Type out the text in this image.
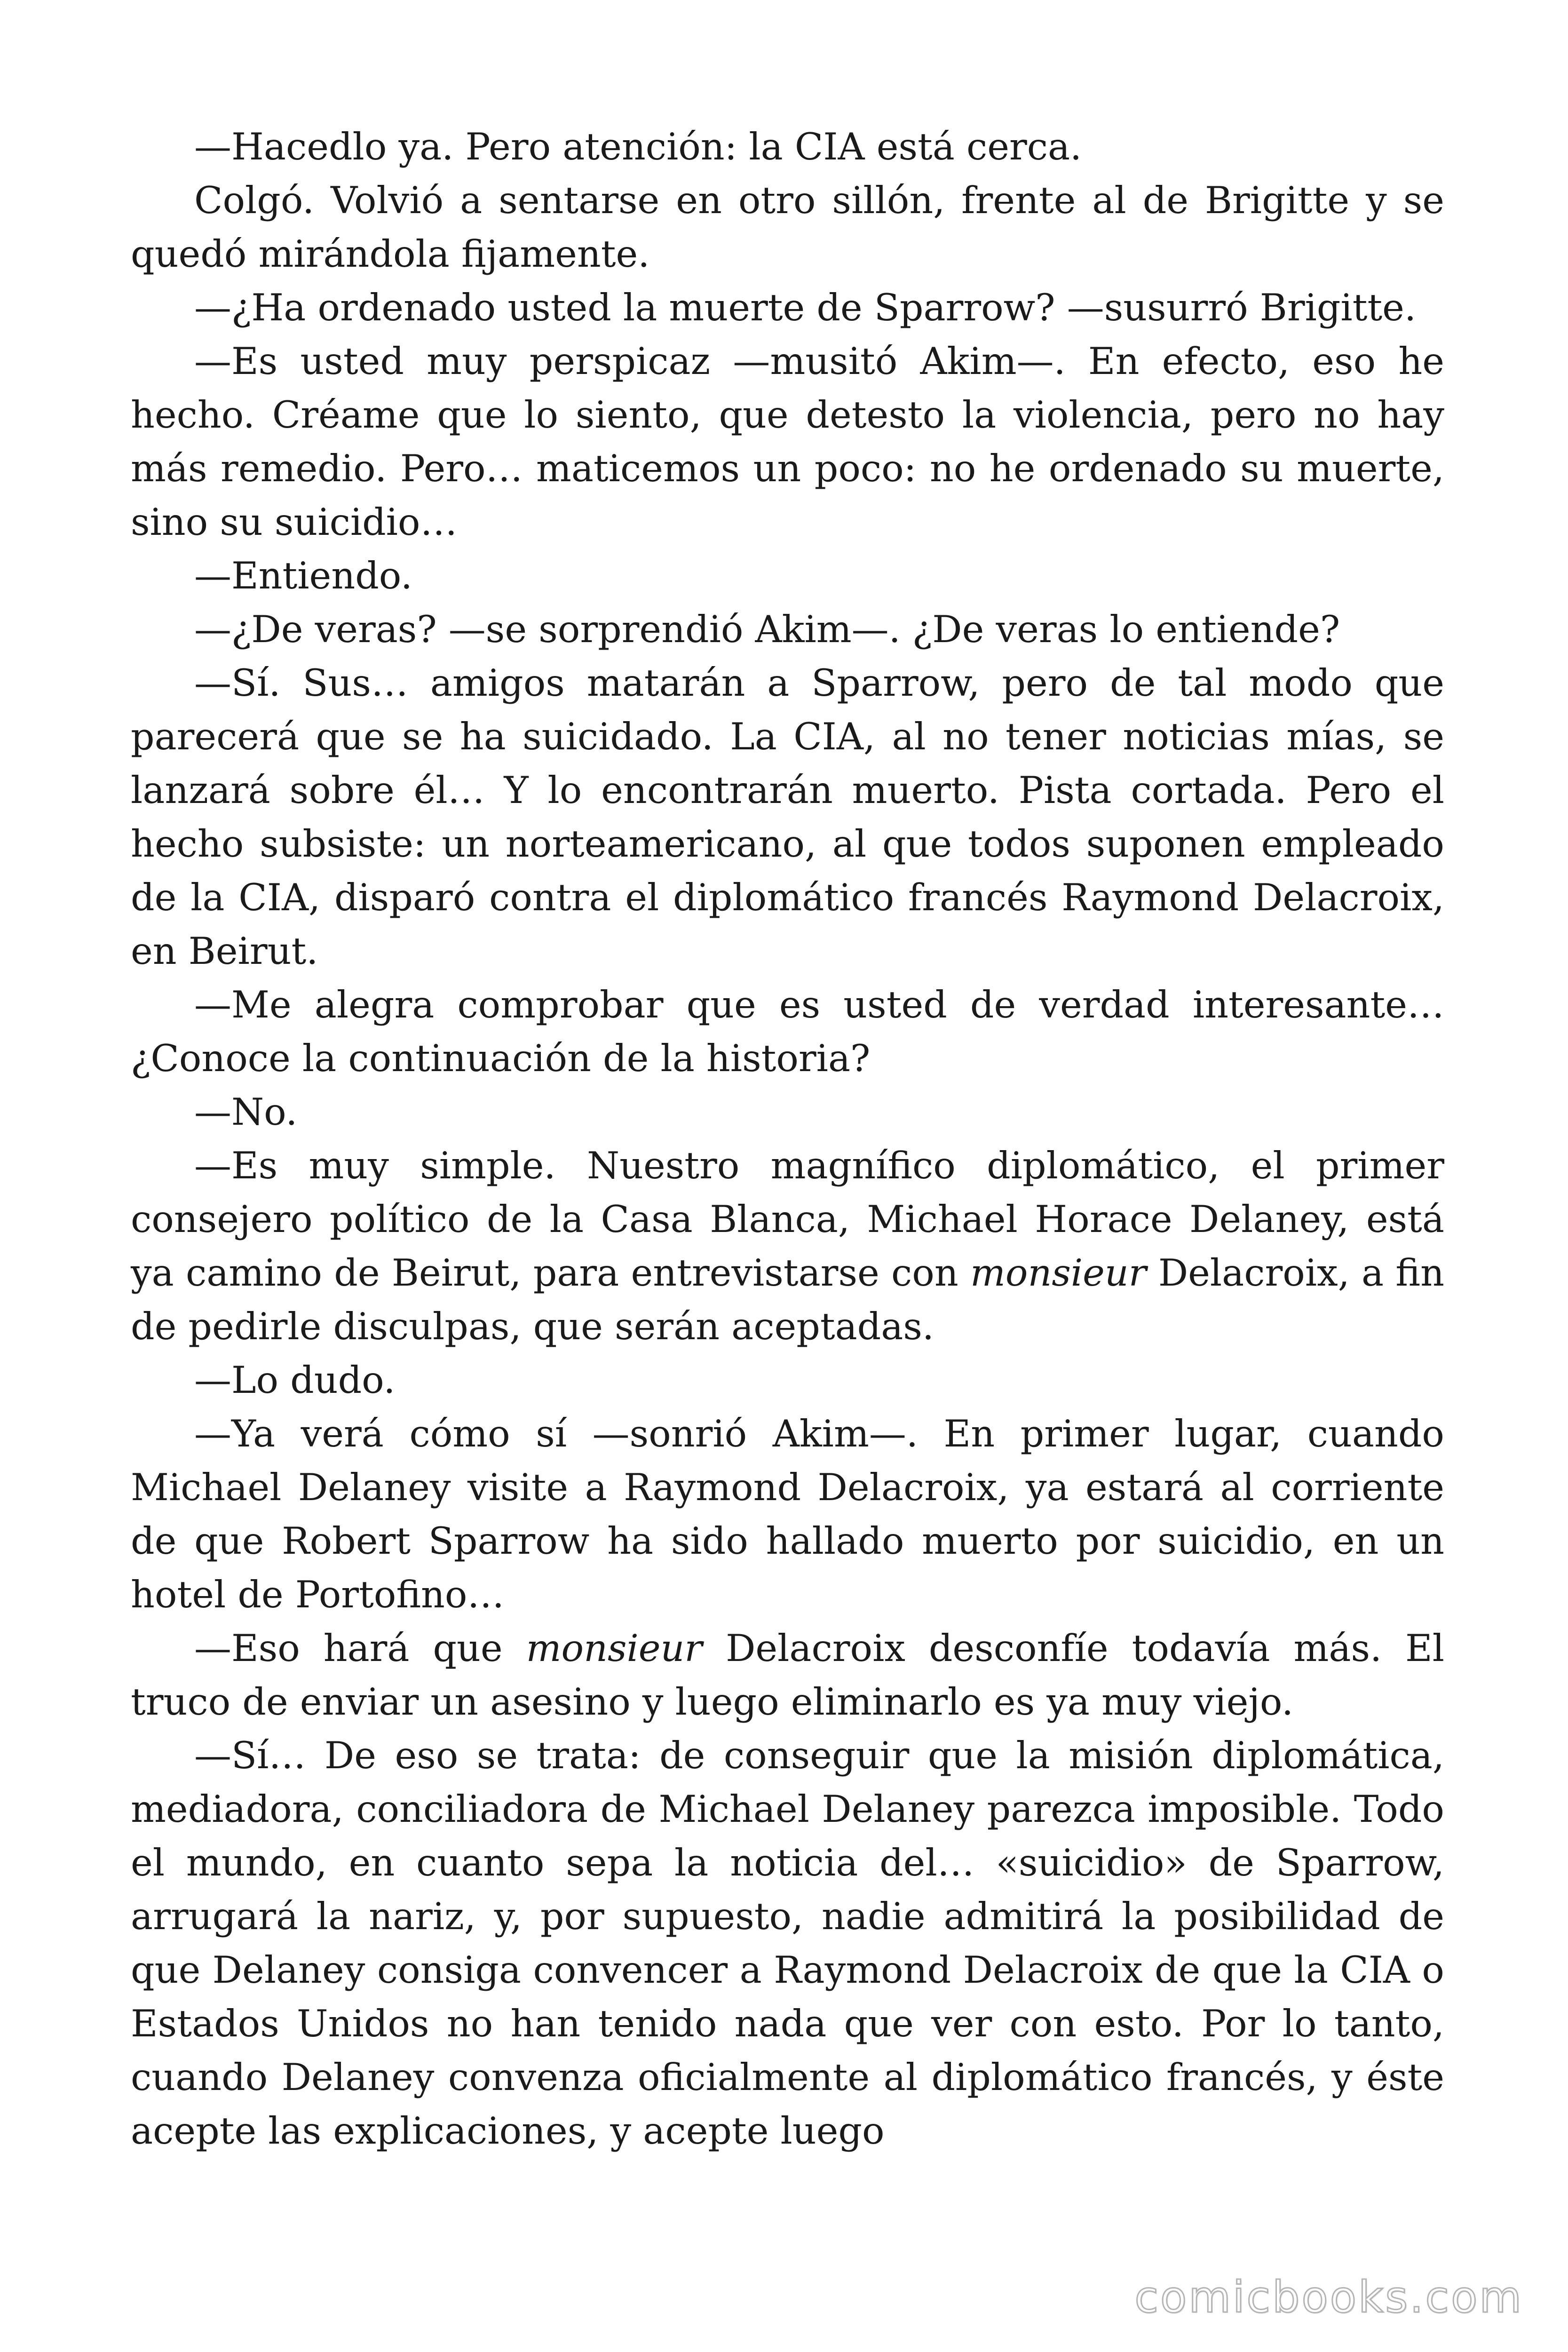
—Hacedlo ya. Pero atención: la CIA está cerca.

Colgó. Volvió a sentarse en otro sillón, frente al de Brigitte y se quedó mirándola fijamente.

—¿Ha ordenado usted la muerte de Sparrow? —susurró Brigitte.

—Es usted muy perspicaz —musitó Akim—. En efecto, eso he hecho. Créame que lo siento, que detesto la violencia, pero no hay más remedio. Pero… maticemos un poco: no he ordenado su muerte, sino su suicidio…

—Entiendo.

—¿De veras? —se sorprendió Akim—. ¿De veras lo entiende?

—Sí. Sus… amigos matarán a Sparrow, pero de tal modo que parecerá que se ha suicidado. La CIA, al no tener noticias mías, se lanzará sobre él… Y lo encontrarán muerto. Pista cortada. Pero el hecho subsiste: un norteamericano, al que todos suponen empleado de la CIA, disparó contra el diplomático francés Raymond Delacroix, en Beirut.

—Me alegra comprobar que es usted de verdad interesante… ¿Conoce la continuación de la historia?

—No.

—Es muy simple. Nuestro magnífico diplomático, el primer consejero político de la Casa Blanca, Michael Horace Delaney, está ya camino de Beirut, para entrevistarse con monsieur Delacroix, a fin de pedirle disculpas, que serán aceptadas.

—Lo dudo.

—Ya verá cómo sí —sonrió Akim—. En primer lugar, cuando Michael Delaney visite a Raymond Delacroix, ya estará al corriente de que Robert Sparrow ha sido hallado muerto por suicidio, en un hotel de Portofino…

—Eso hará que monsieur Delacroix desconfíe todavía más. El truco de enviar un asesino y luego eliminarlo es ya muy viejo.

—Sí… De eso se trata: de conseguir que la misión diplomática, mediadora, conciliadora de Michael Delaney parezca imposible. Todo el mundo, en cuanto sepa la noticia del… «suicidio» de Sparrow, arrugará la nariz, y, por supuesto, nadie admitirá la posibilidad de que Delaney consiga convencer a Raymond Delacroix de que la CIA o Estados Unidos no han tenido nada que ver con esto. Por lo tanto, cuando Delaney convenza oficialmente al diplomático francés, y éste acepte las explicaciones, y acepte luego

comicbooks.com
